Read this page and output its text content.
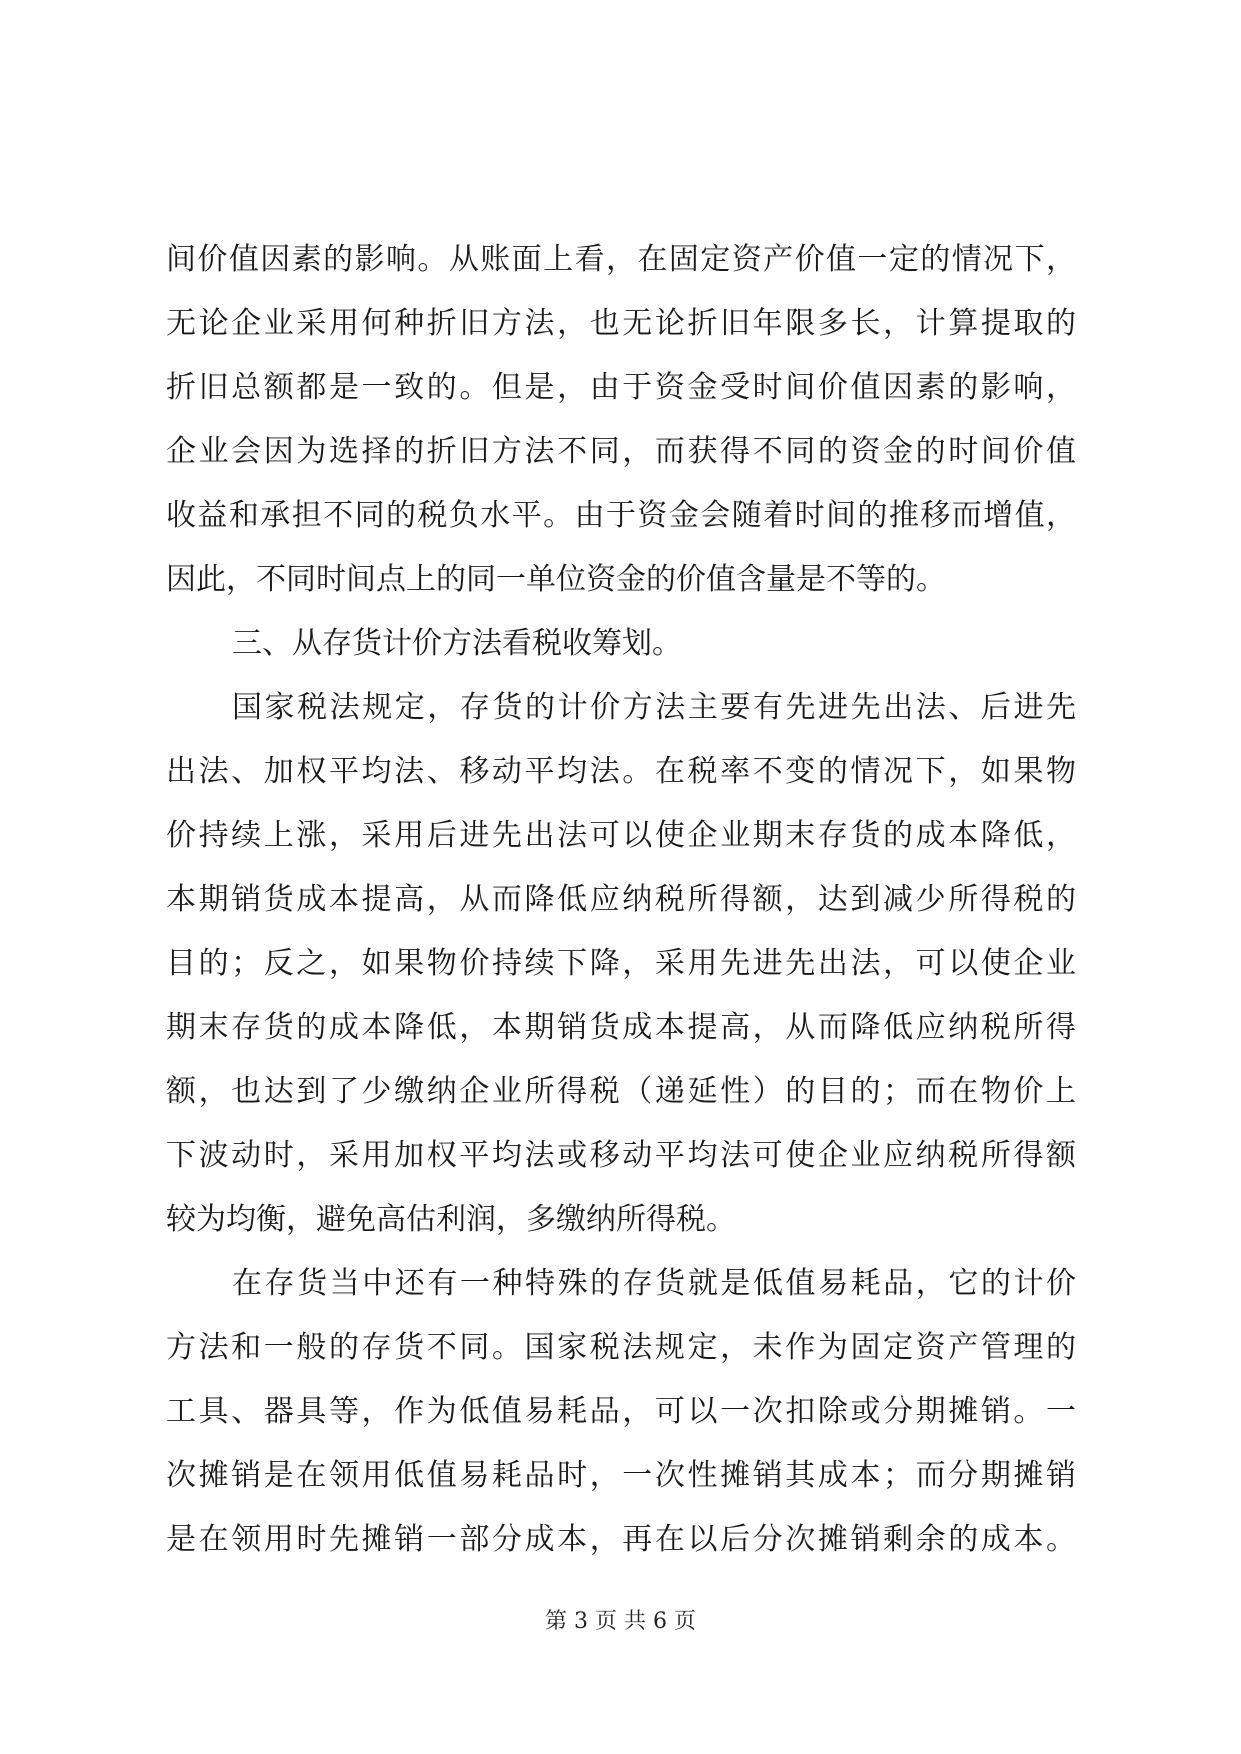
间价值因素的影响。从账面上看，在固定资产价值一定的情况下，
无论企业采用何种折旧方法，也无论折旧年限多长，计算提取的
折旧总额都是一致的。但是，由于资金受时间价值因素的影响，
企业会因为选择的折旧方法不同，而获得不同的资金的时间价值
收益和承担不同的税负水平。由于资金会随着时间的推移而增值，
因此，不同时间点上的同一单位资金的价值含量是不等的。
三、从存货计价方法看税收筹划。
国家税法规定，存货的计价方法主要有先进先出法、后进先
出法、加权平均法、移动平均法。在税率不变的情况下，如果物
价持续上涨，采用后进先出法可以使企业期末存货的成本降低，
本期销货成本提高，从而降低应纳税所得额，达到减少所得税的
目的；反之，如果物价持续下降，采用先进先出法，可以使企业
期末存货的成本降低，本期销货成本提高，从而降低应纳税所得
额，也达到了少缴纳企业所得税（递延性）的目的；而在物价上
下波动时，采用加权平均法或移动平均法可使企业应纳税所得额
较为均衡，避免高估利润，多缴纳所得税。
在存货当中还有一种特殊的存货就是低值易耗品，它的计价
方法和一般的存货不同。国家税法规定，未作为固定资产管理的
工具、器具等，作为低值易耗品，可以一次扣除或分期摊销。一
次摊销是在领用低值易耗品时，一次性摊销其成本；而分期摊销
是在领用时先摊销一部分成本，再在以后分次摊销剩余的成本。
第 3 页 共 6 页
